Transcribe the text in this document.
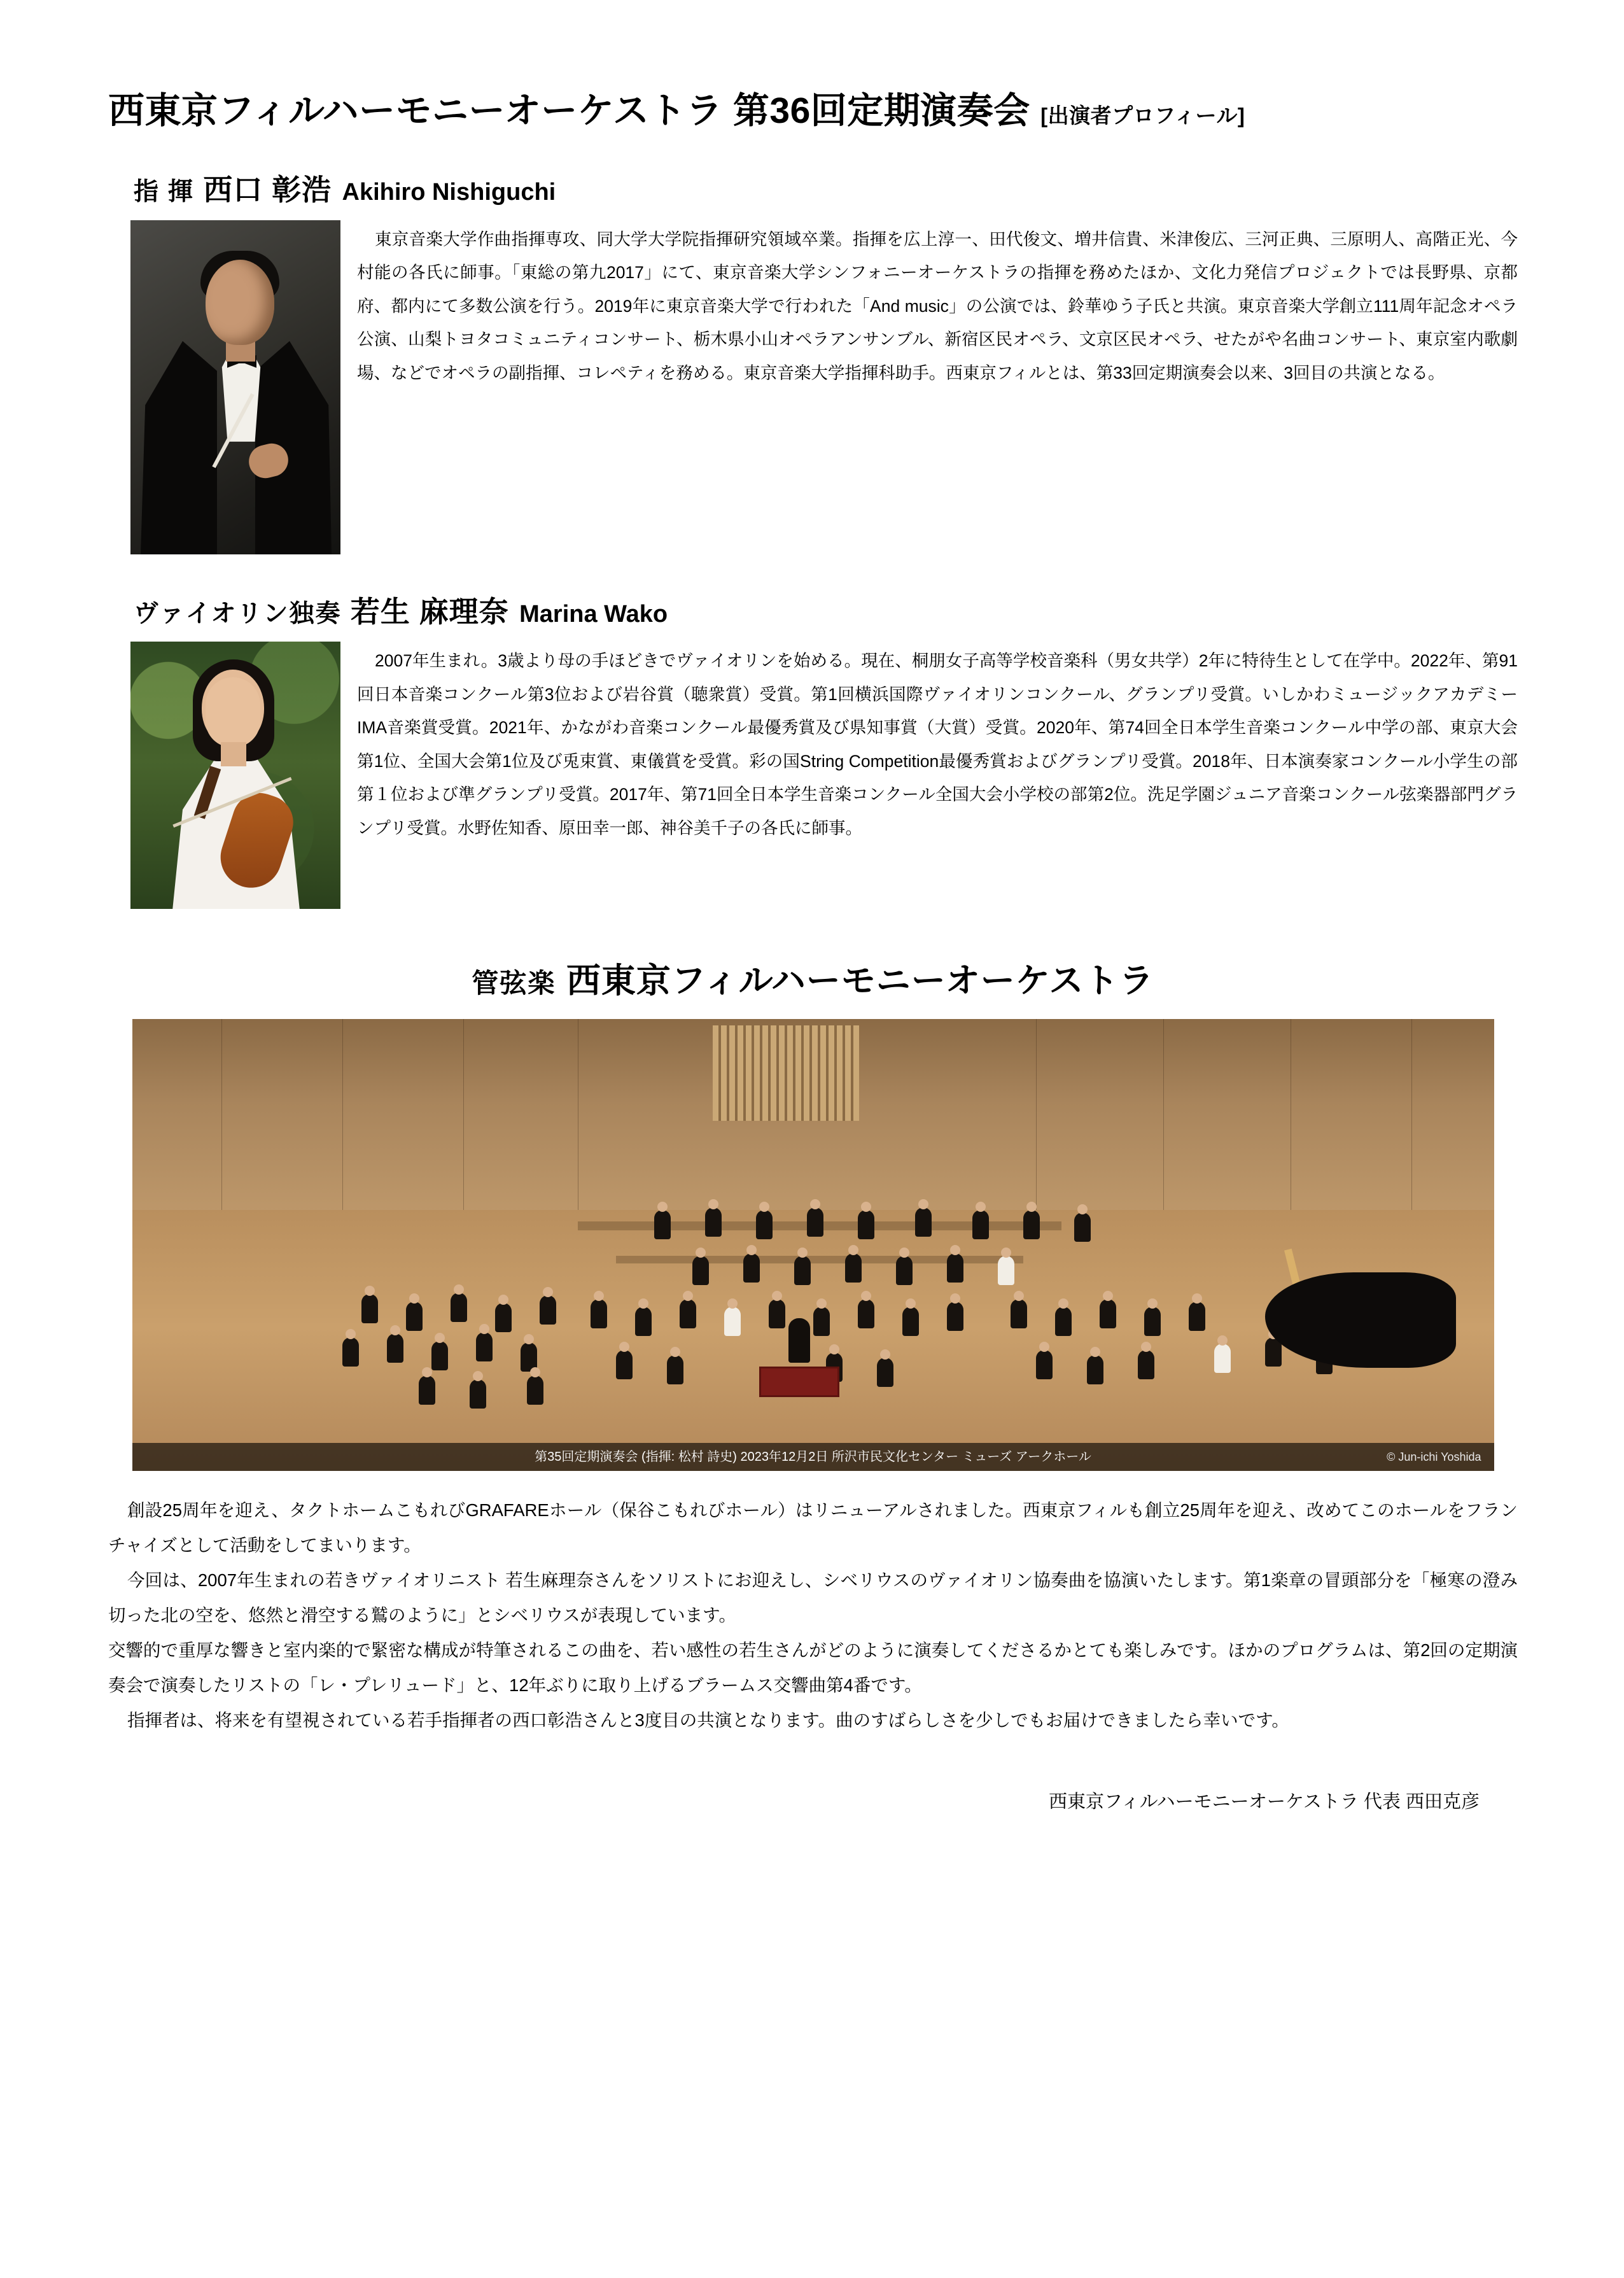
西東京フィルハーモニーオーケストラ 第36回定期演奏会 [出演者プロフィール]
指 揮 西口 彰浩 Akihiro Nishiguchi

東京音楽大学作曲指揮専攻、同大学大学院指揮研究領域卒業。指揮を広上淳一、田代俊文、増井信貴、米津俊広、三河正典、三原明人、高階正光、今村能の各氏に師事。「東総の第九2017」にて、東京音楽大学シンフォニーオーケストラの指揮を務めたほか、文化力発信プロジェクトでは長野県、京都府、都内にて多数公演を行う。2019年に東京音楽大学で行われた「And music」の公演では、鈴華ゆう子氏と共演。東京音楽大学創立111周年記念オペラ公演、山梨トヨタコミュニティコンサート、栃木県小山オペラアンサンブル、新宿区民オペラ、文京区民オペラ、せたがや名曲コンサート、東京室内歌劇場、などでオペラの副指揮、コレペティを務める。東京音楽大学指揮科助手。西東京フィルとは、第33回定期演奏会以来、3回目の共演となる。

ヴァイオリン独奏 若生 麻理奈 Marina Wako

2007年生まれ。3歳より母の手ほどきでヴァイオリンを始める。現在、桐朋女子高等学校音楽科（男女共学）2年に特待生として在学中。2022年、第91回日本音楽コンクール第3位および岩谷賞（聴衆賞）受賞。第1回横浜国際ヴァイオリンコンクール、グランプリ受賞。いしかわミュージックアカデミーIMA音楽賞受賞。2021年、かながわ音楽コンクール最優秀賞及び県知事賞（大賞）受賞。2020年、第74回全日本学生音楽コンクール中学の部、東京大会第1位、全国大会第1位及び兎束賞、東儀賞を受賞。彩の国String Competition最優秀賞およびグランプリ受賞。2018年、日本演奏家コンクール小学生の部第１位および準グランプリ受賞。2017年、第71回全日本学生音楽コンクール全国大会小学校の部第2位。洗足学園ジュニア音楽コンクール弦楽器部門グランプリ受賞。水野佐知香、原田幸一郎、神谷美千子の各氏に師事。

管弦楽 西東京フィルハーモニーオーケストラ
第35回定期演奏会 (指揮: 松村 詩史) 2023年12月2日 所沢市民文化センター ミューズ アークホール	© Jun-ichi Yoshida

創設25周年を迎え、タクトホームこもれびGRAFAREホール（保谷こもれびホール）はリニューアルされました。西東京フィルも創立25周年を迎え、改めてこのホールをフランチャイズとして活動をしてまいります。

今回は、2007年生まれの若きヴァイオリニスト 若生麻理奈さんをソリストにお迎えし、シベリウスのヴァイオリン協奏曲を協演いたします。第1楽章の冒頭部分を「極寒の澄み切った北の空を、悠然と滑空する鷲のように」とシベリウスが表現しています。

交響的で重厚な響きと室内楽的で緊密な構成が特筆されるこの曲を、若い感性の若生さんがどのように演奏してくださるかとても楽しみです。ほかのプログラムは、第2回の定期演奏会で演奏したリストの「レ・プレリュード」と、12年ぶりに取り上げるブラームス交響曲第4番です。

指揮者は、将来を有望視されている若手指揮者の西口彰浩さんと3度目の共演となります。曲のすばらしさを少しでもお届けできましたら幸いです。

西東京フィルハーモニーオーケストラ 代表 西田克彦
